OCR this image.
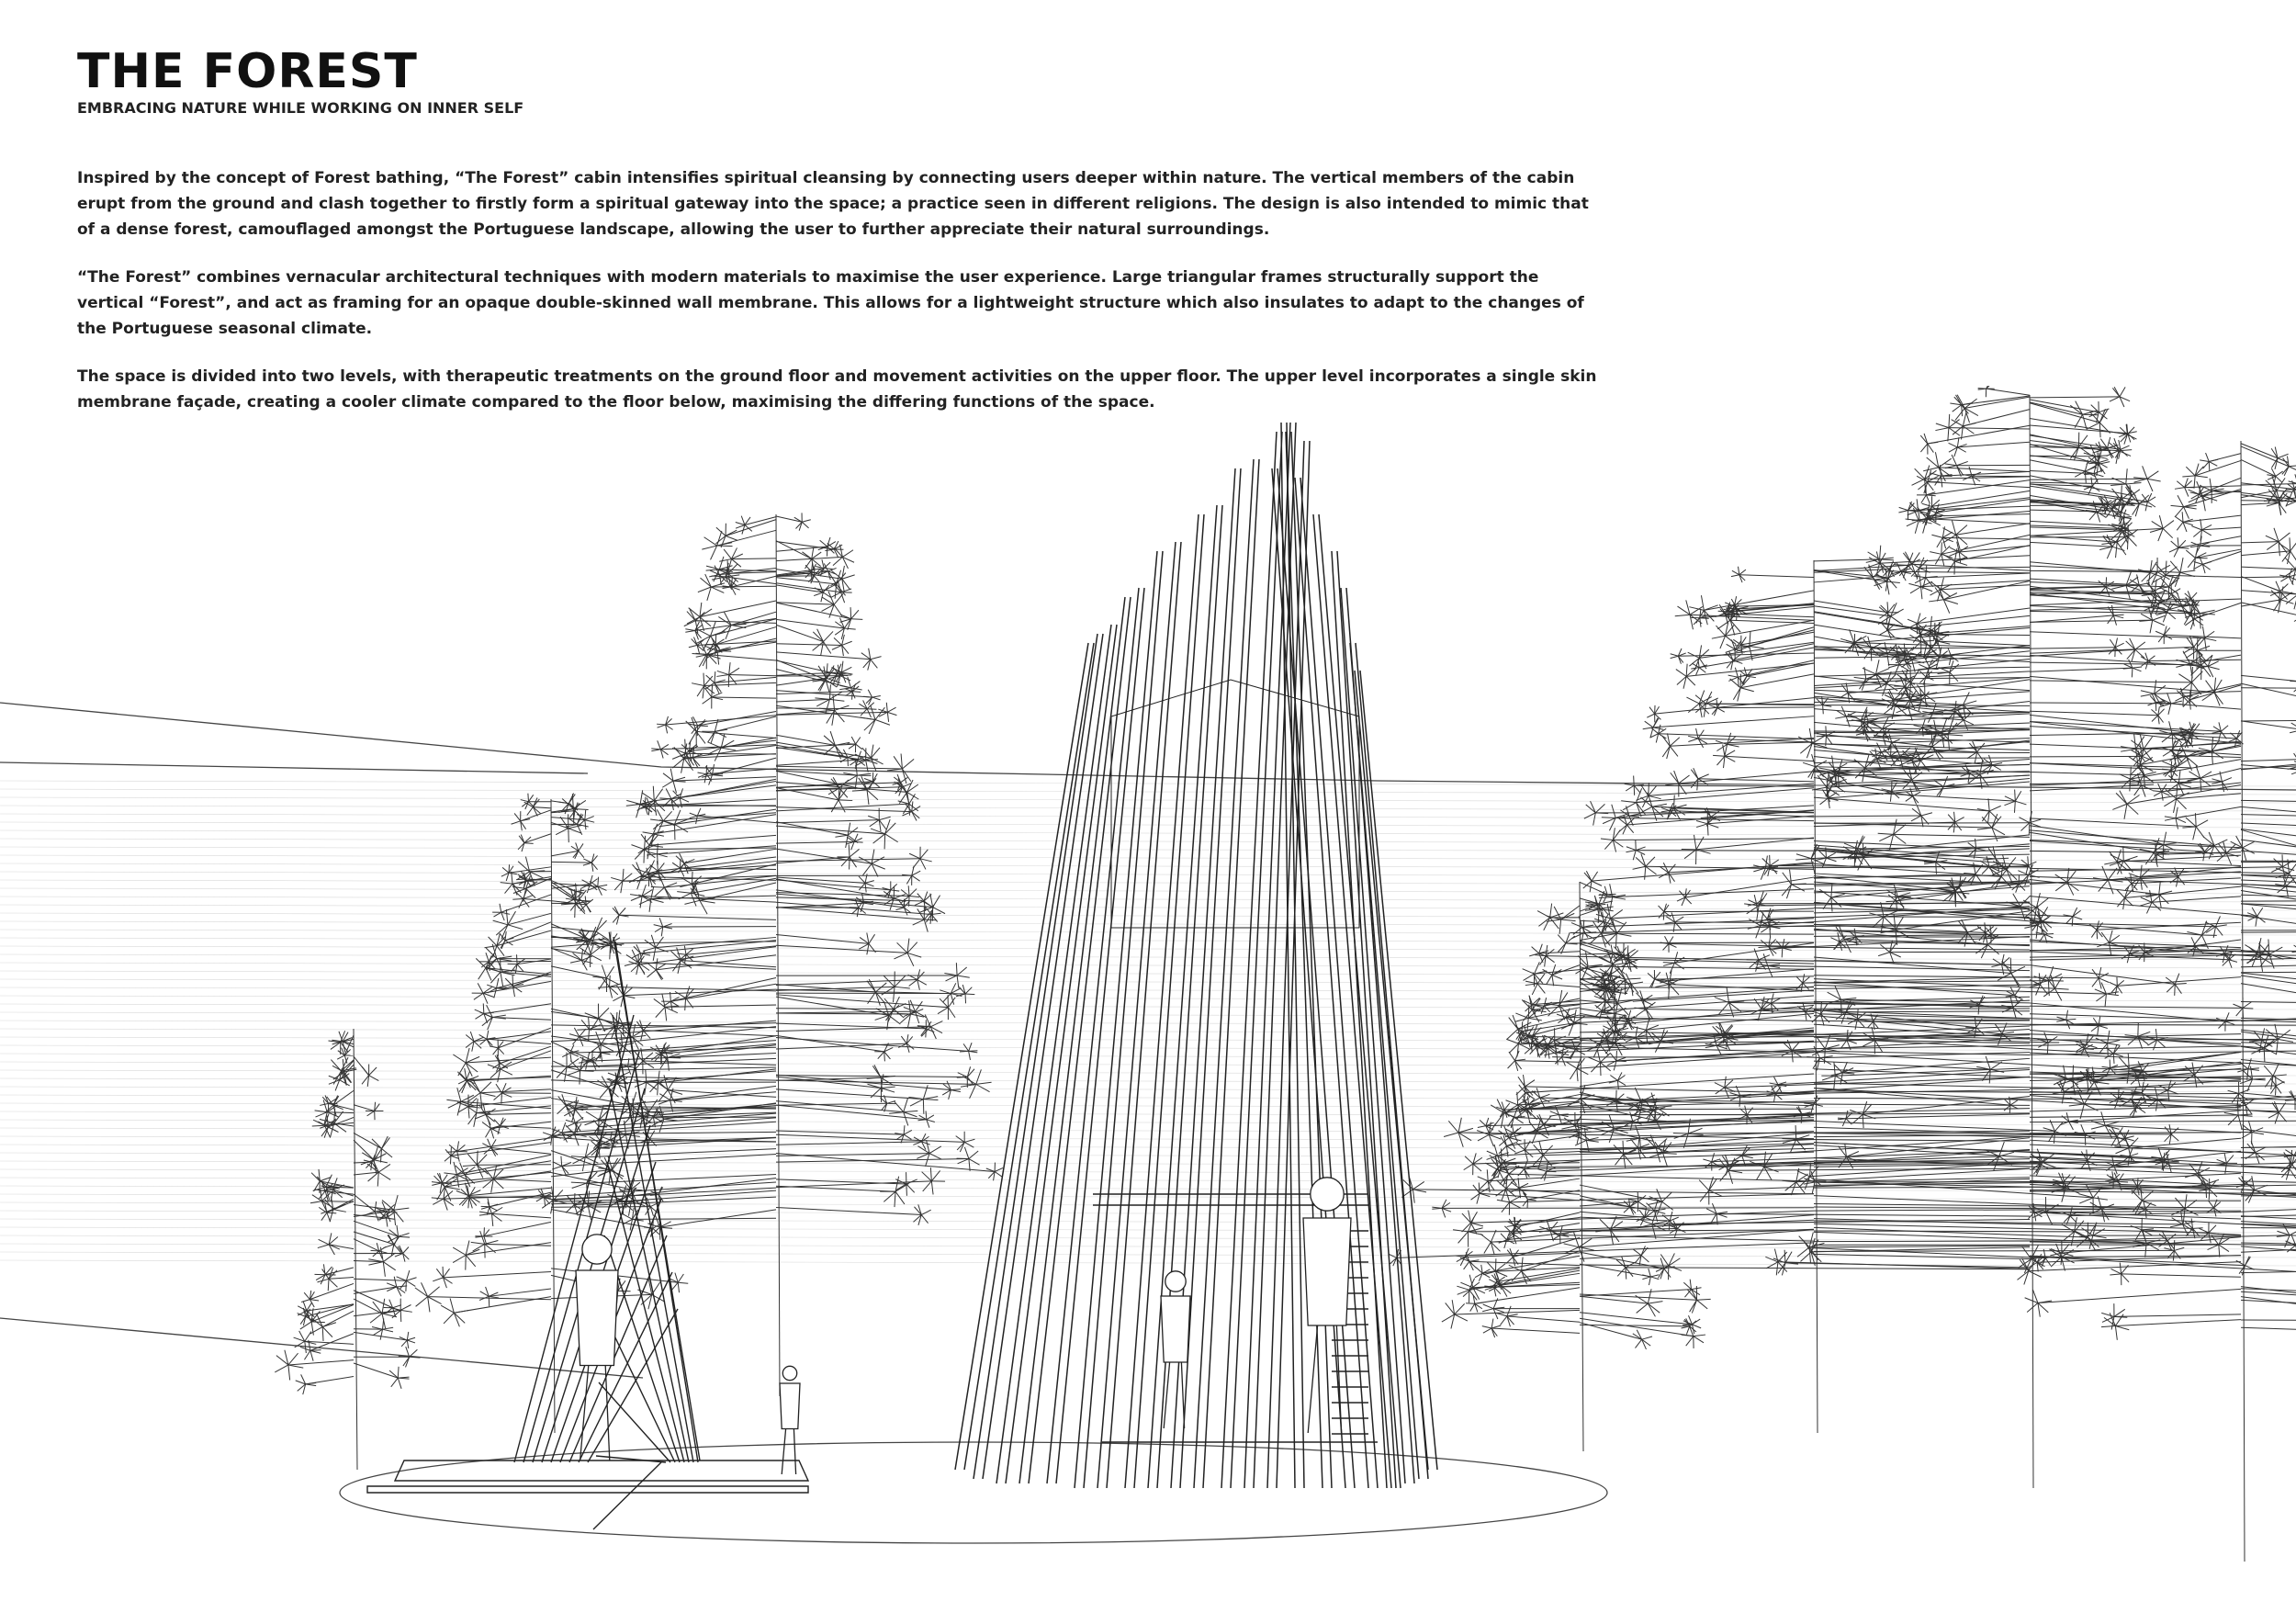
THE FOREST
EMBRACING NATURE WHILE WORKING ON INNER SELF

Inspired by the concept of Forest bathing, “The Forest” cabin intensifies spiritual cleansing by connecting users deeper within nature. The vertical members of the cabin erupt from the ground and clash together to firstly form a spiritual gateway into the space; a practice seen in different religions. The design is also intended to mimic that of a dense forest, camouflaged amongst the Portuguese landscape, allowing the user to further appreciate their natural surroundings.

“The Forest” combines vernacular architectural techniques with modern materials to maximise the user experience. Large triangular frames structurally support the vertical “Forest”, and act as framing for an opaque double-skinned wall membrane. This allows for a lightweight structure which also insulates to adapt to the changes of the Portuguese seasonal climate.

The space is divided into two levels, with therapeutic treatments on the ground floor and movement activities on the upper floor. The upper level incorporates a single skin membrane façade, creating a cooler climate compared to the floor below, maximising the differing functions of the space.
